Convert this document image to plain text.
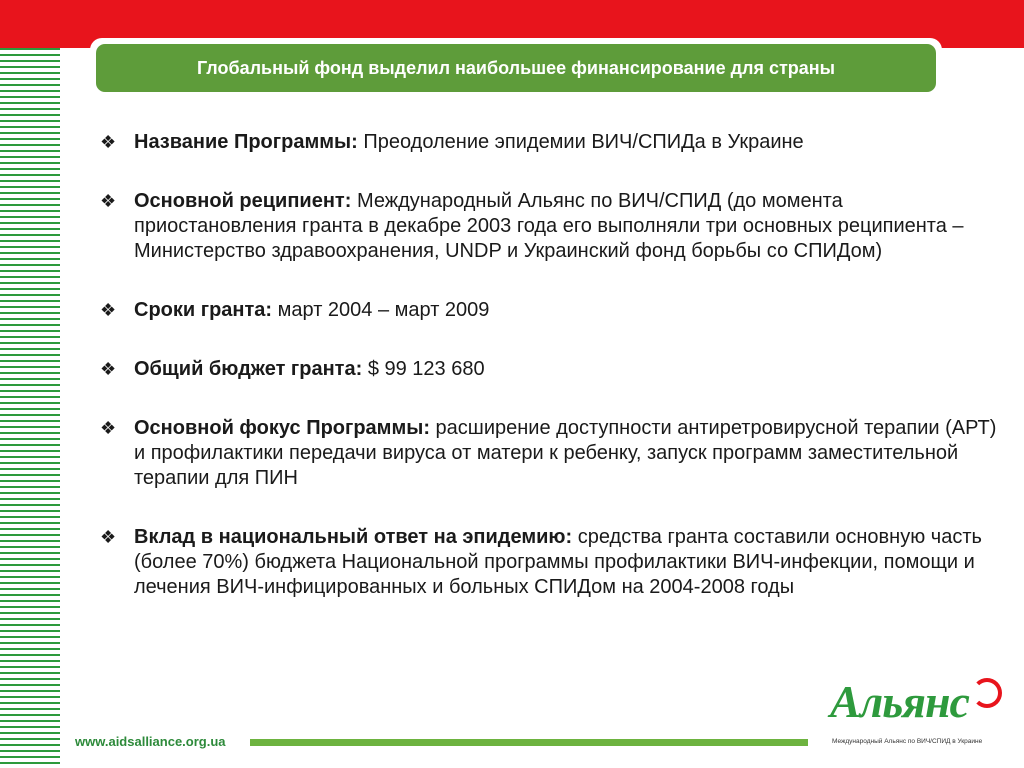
Глобальный фонд выделил наибольшее финансирование для страны
❖ Название Программы: Преодоление эпидемии ВИЧ/СПИДа в Украине
❖ Основной реципиент: Международный Альянс по ВИЧ/СПИД (до момента приостановления гранта в декабре 2003 года его выполняли три основных реципиента – Министерство здравоохранения, UNDP и Украинский фонд борьбы со СПИДом)
❖ Сроки гранта: март 2004 – март 2009
❖ Общий бюджет гранта: $ 99 123 680
❖ Основной фокус Программы: расширение доступности антиретровирусной терапии (АРТ) и профилактики передачи вируса от матери к ребенку, запуск программ заместительной терапии для ПИН
❖ Вклад в национальный ответ на эпидемию: средства гранта составили основную часть (более 70%) бюджета Национальной программы профилактики ВИЧ-инфекции, помощи и лечения ВИЧ-инфицированных и больных СПИДом на 2004-2008 годы
www.aidsalliance.org.ua
Альянс
Международный Альянс по ВИЧ/СПИД в Украине
